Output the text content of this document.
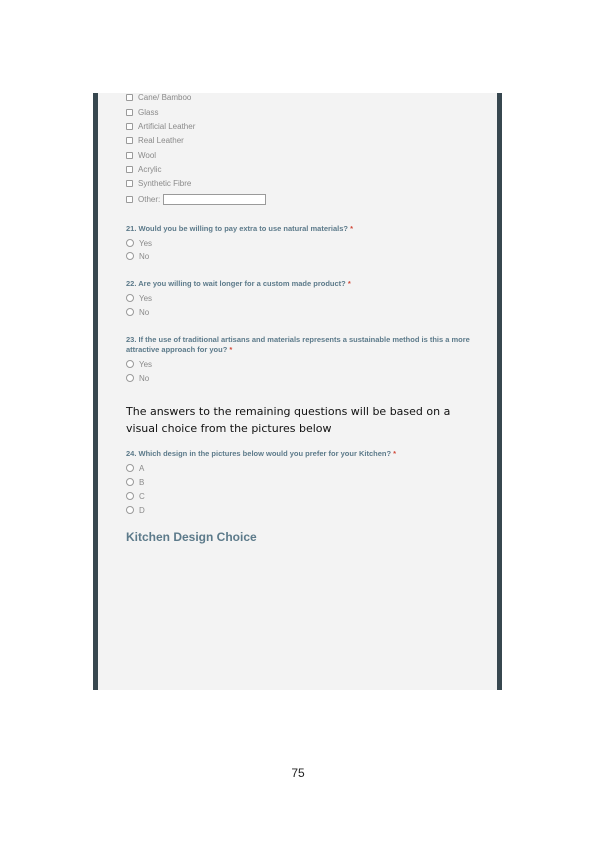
Cane/ Bamboo
Glass
Artificial Leather
Real Leather
Wool
Acrylic
Synthetic Fibre
Other:
21. Would you be willing to pay extra to use natural materials? *
Yes
No
22. Are you willing to wait longer for a custom made product? *
Yes
No
23. If the use of traditional artisans and materials represents a sustainable method is this a more attractive approach for you? *
Yes
No
The answers to the remaining questions will be based on a visual choice from the pictures below
24. Which design in the pictures below would you prefer for your Kitchen? *
A
B
C
D
Kitchen Design Choice
75
